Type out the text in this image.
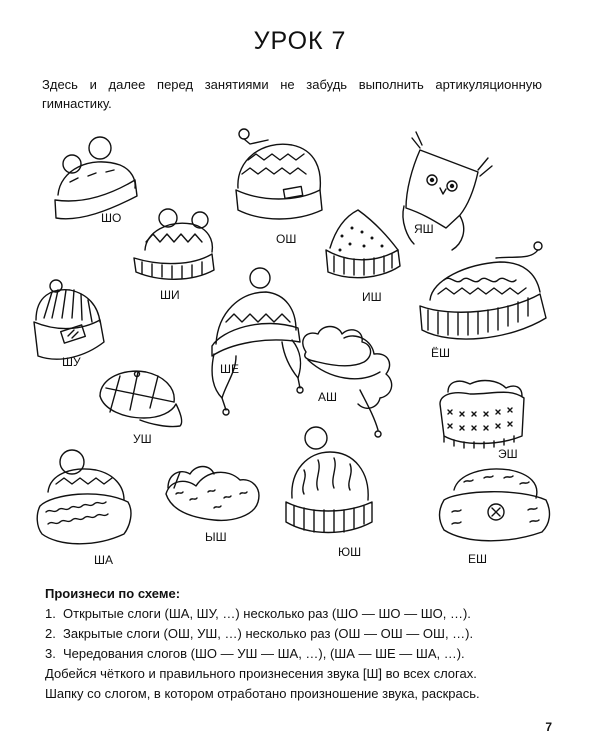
УРОК 7
Здесь и далее перед занятиями не забудь выполнить артикуляционную гимнастику.
ШО
ОШ
ЯШ
ШИ	ИШ
ШУ
ЁШ
ШЕ
АШ
УШ
ЭШ
ША
ЫШ
ЮШ	ЕШ
Произнеси по схеме:
1. Открытые слоги (ША, ШУ, …) несколько раз (ШО — ШО — ШО, …).
2. Закрытые слоги (ОШ, УШ, …) несколько раз (ОШ — ОШ — ОШ, …).
3. Чередования слогов (ШО — УШ — ША, …), (ША — ШЕ — ША, …).
Добейся чёткого и правильного произнесения звука [Ш] во всех слогах.
Шапку со слогом, в котором отработано произношение звука, раскрась.
7
